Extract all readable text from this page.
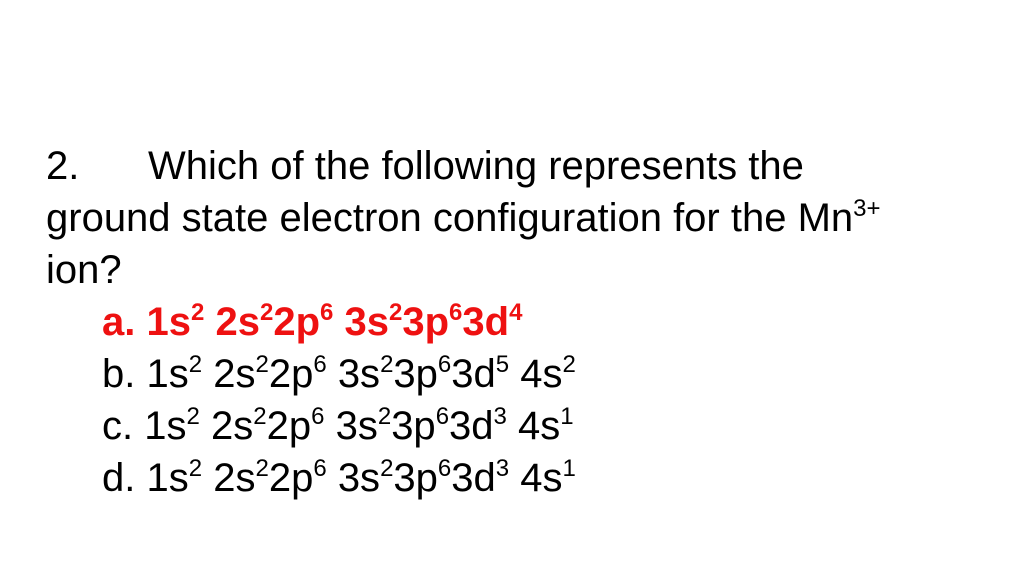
2. Which of the following represents the
ground state electron configuration for the $Mn^{3+}$
ion?
a. $1s^2$ $2s^22p^6$ $3s^23p^63d^4$
b. $1s^2$ $2s^22p^6$ $3s^23p^63d^5$ $4s^2$
c. $1s^2$ $2s^22p^6$ $3s^23p^63d^3$ $4s^1$
d. $1s^2$ $2s^22p^6$ $3s^23p^63d^3$ $4s^1$
